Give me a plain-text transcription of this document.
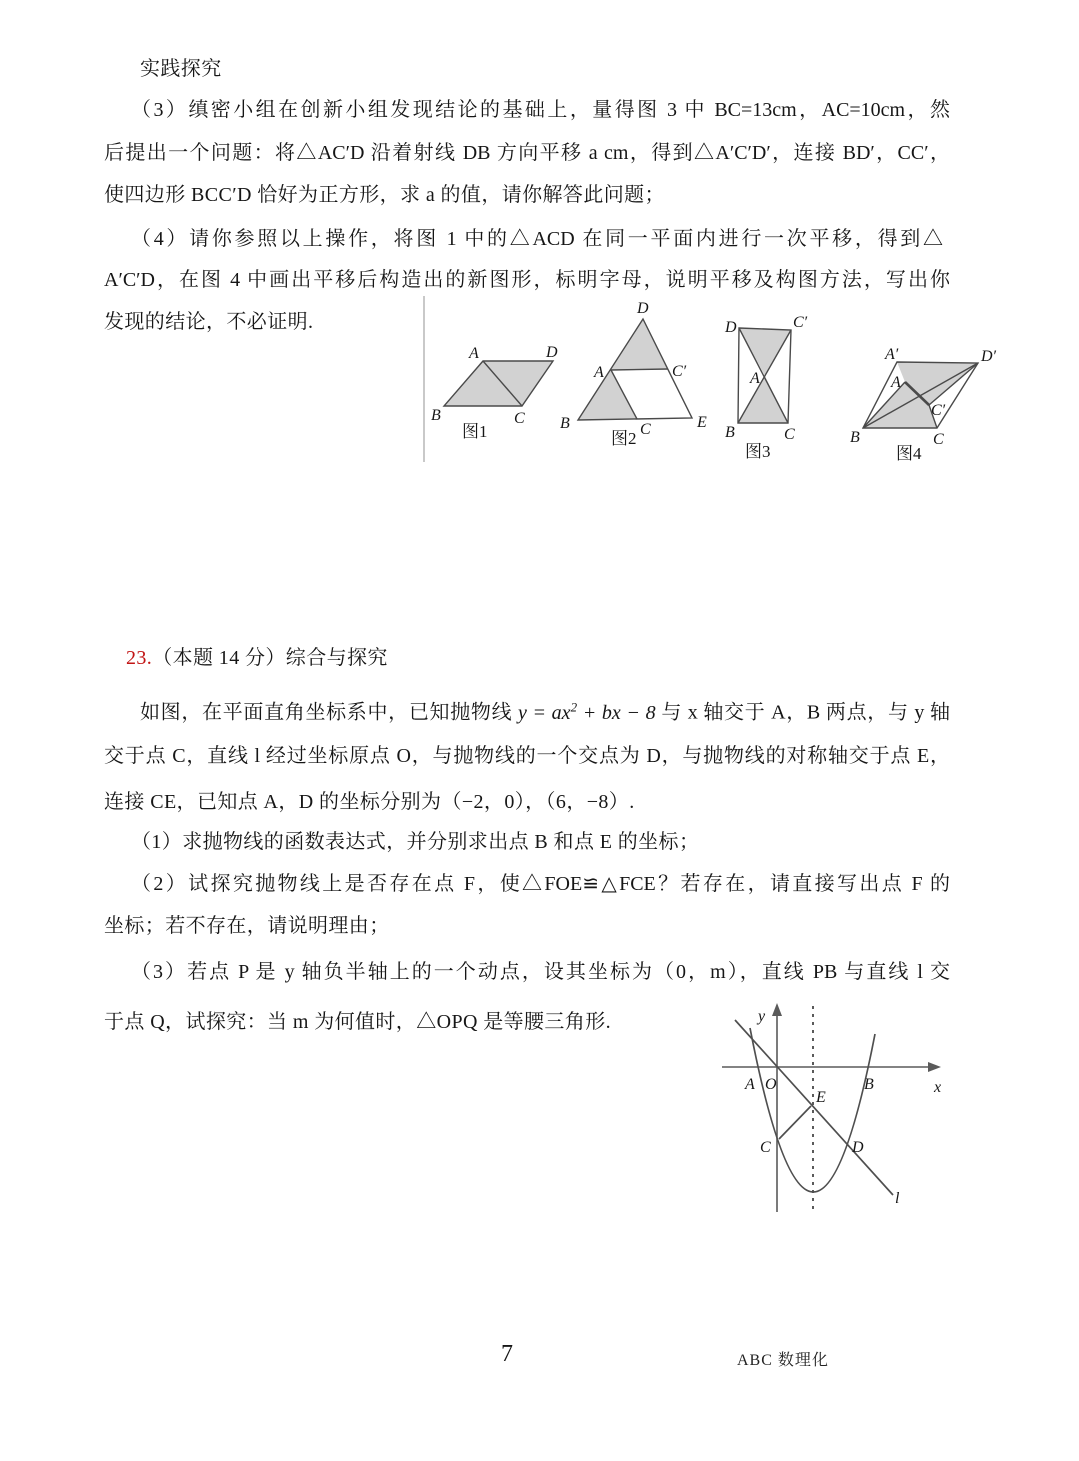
实践探究
（3）缜密小组在创新小组发现结论的基础上，量得图 3 中 BC=13cm，AC=10cm，然
后提出一个问题：将△AC′D 沿着射线 DB 方向平移 a cm，得到△A′C′D′，连接 BD′，CC′，
使四边形 BCC′D 恰好为正方形，求 a 的值，请你解答此问题；
（4）请你参照以上操作，将图 1 中的△ACD 在同一平面内进行一次平移，得到△
A′C′D，在图 4 中画出平移后构造出的新图形，标明字母，说明平移及构图方法，写出你
发现的结论，不必证明.
A	D
B	C
图1
D
A	C′
B	E
C
图2
D	C′
A
B	C
图3
A′	D′
A
C′
B	C
图4
23.（本题 14 分）综合与探究
如图，在平面直角坐标系中，已知抛物线 $y = ax^2$ + bx − 8 与 x 轴交于 A，B 两点，与 y 轴
交于点 C，直线 l 经过坐标原点 O，与抛物线的一个交点为 D，与抛物线的对称轴交于点 E，
连接 CE，已知点 A，D 的坐标分别为（−2，0），（6，−8）.
（1）求抛物线的函数表达式，并分别求出点 B 和点 E 的坐标；
（2）试探究抛物线上是否存在点 F，使△FOE≌△FCE？若存在，请直接写出点 F 的
坐标；若不存在，请说明理由；
（3）若点 P 是 y 轴负半轴上的一个动点，设其坐标为（0，m），直线 PB 与直线 l 交
于点 Q，试探究：当 m 为何值时，△OPQ 是等腰三角形.	y
x
A O	B
E
C	D
l
7	ABC 数理化
